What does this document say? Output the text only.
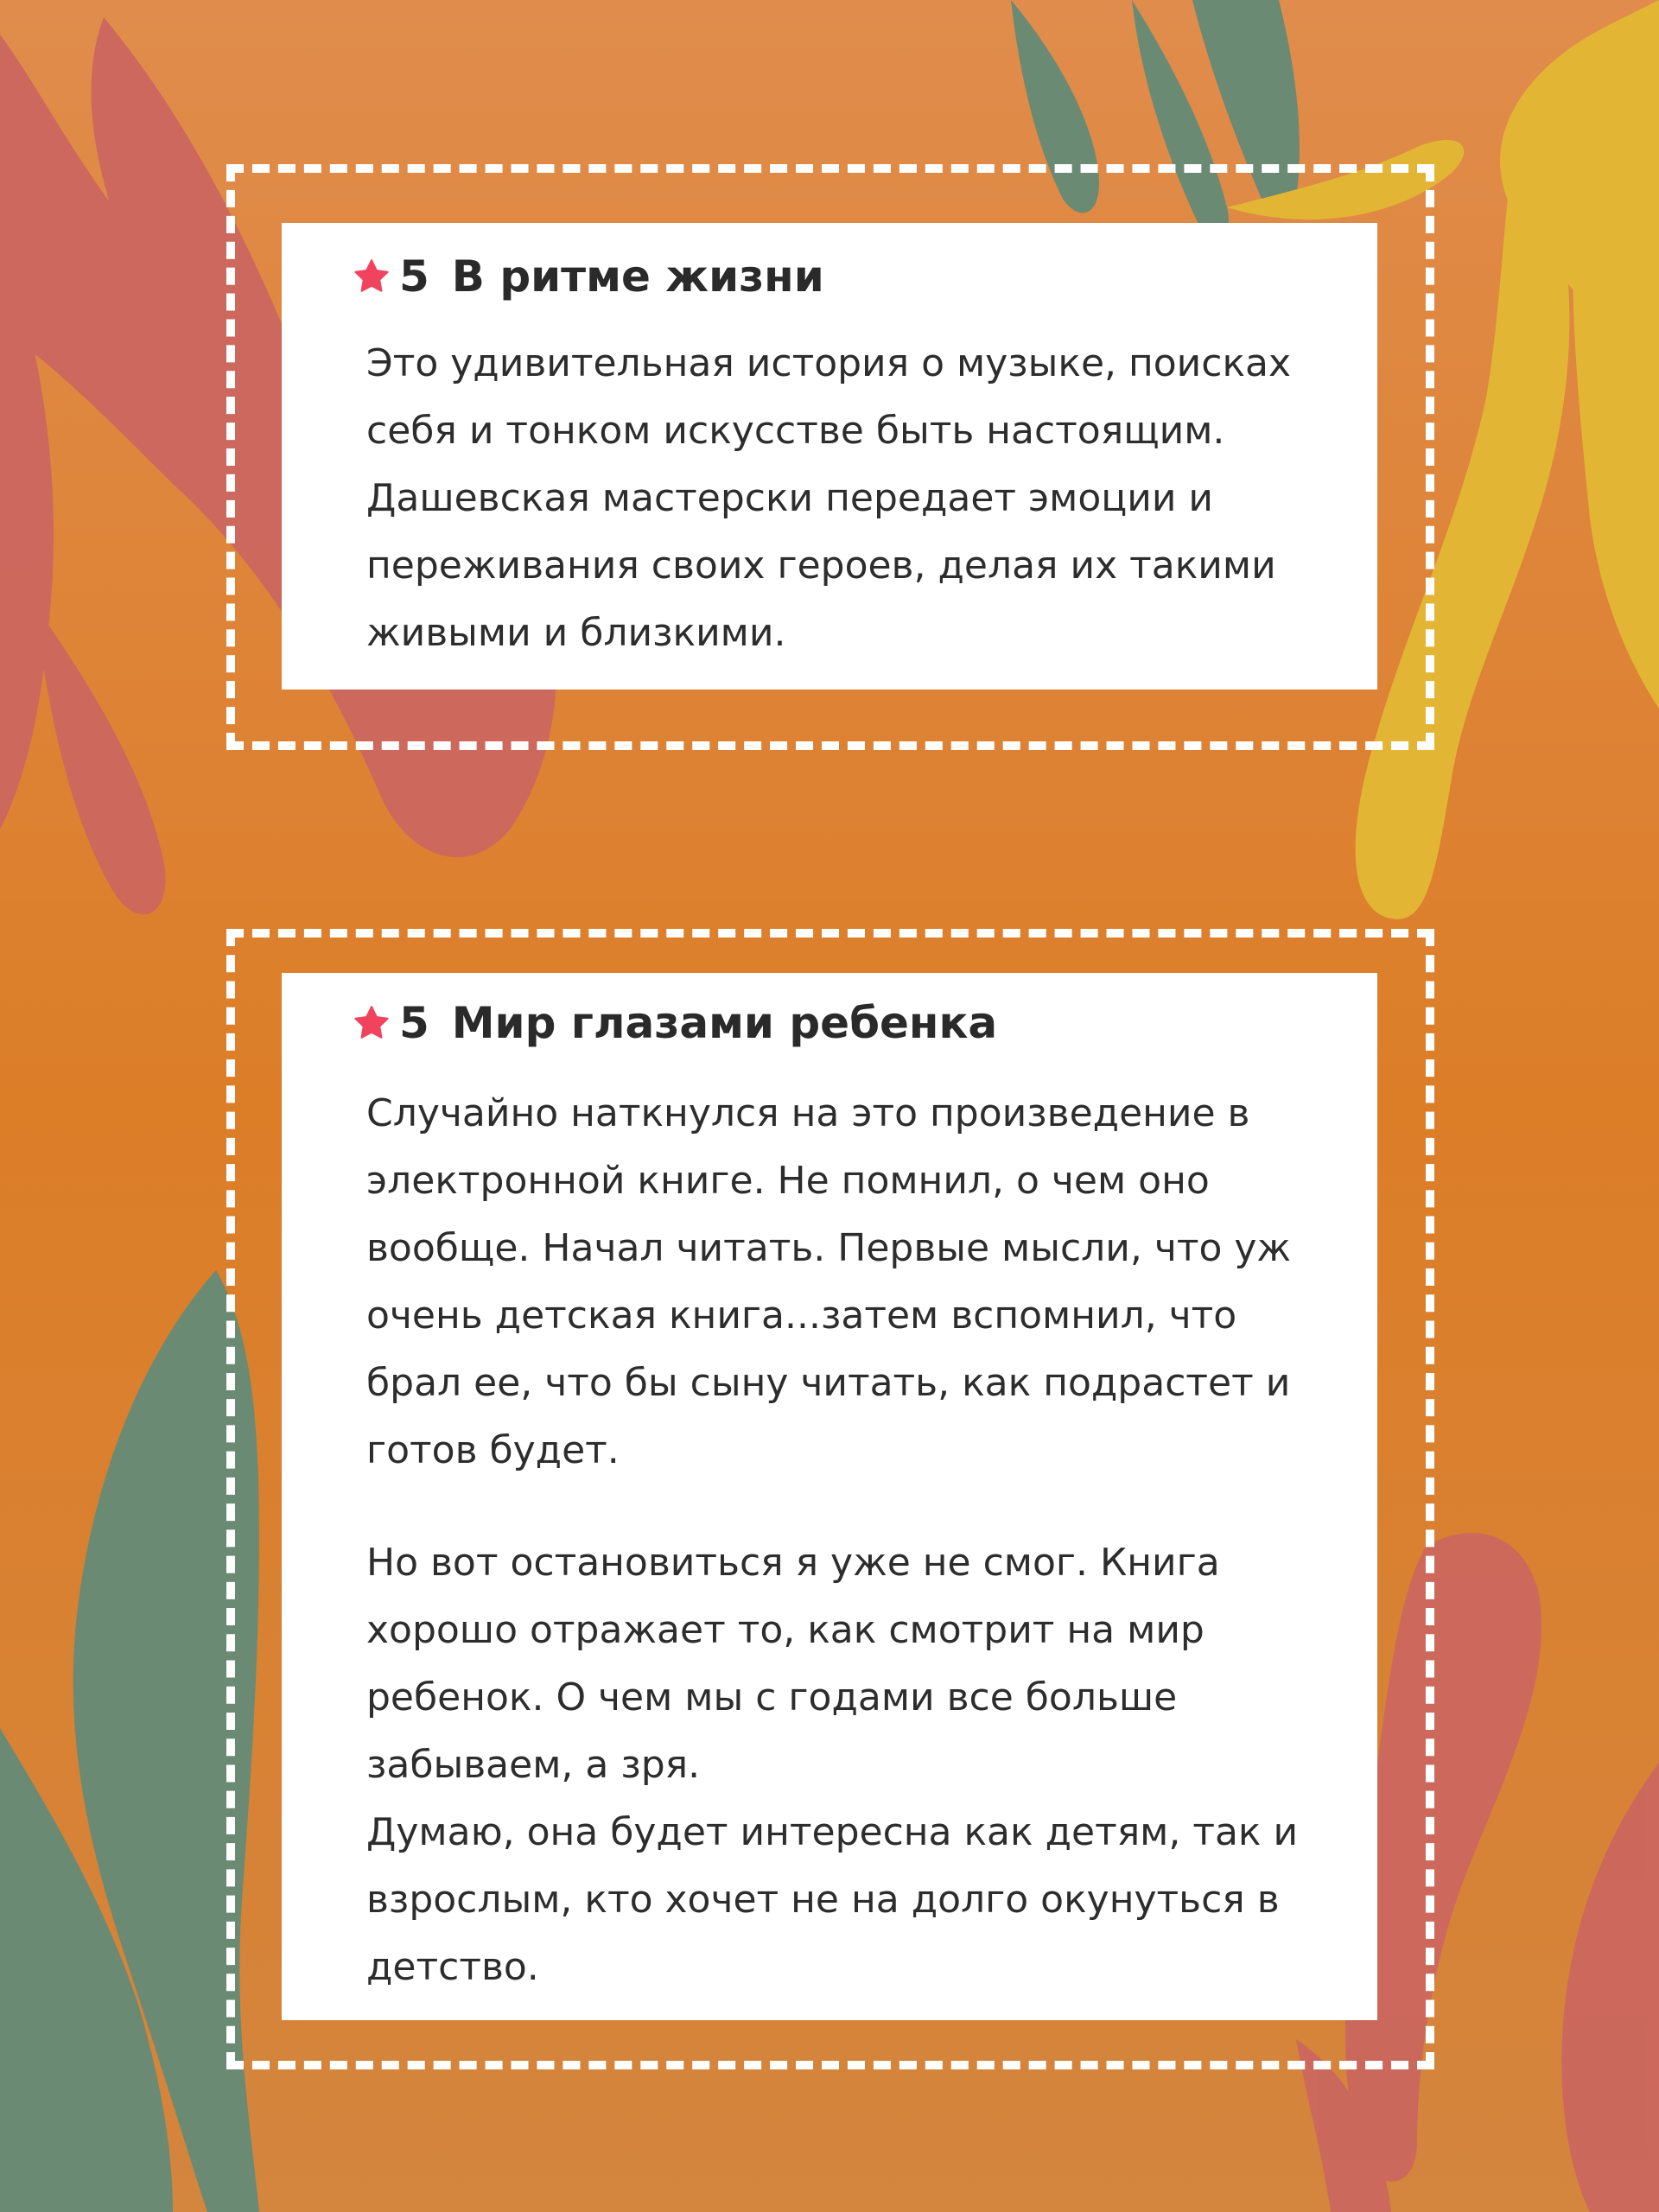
5 В ритме жизни

Это удивительная история о музыке, поисках
себя и тонком искусстве быть настоящим.
Дашевская мастерски передает эмоции и
переживания своих героев, делая их такими
живыми и близкими.

5 Мир глазами ребенка

Случайно наткнулся на это произведение в
электронной книге. Не помнил, о чем оно
вообще. Начал читать. Первые мысли, что уж
очень детская книга...затем вспомнил, что
брал ее, что бы сыну читать, как подрастет и
готов будет.

Но вот остановиться я уже не смог. Книга
хорошо отражает то, как смотрит на мир
ребенок. О чем мы с годами все больше
забываем, а зря.
Думаю, она будет интересна как детям, так и
взрослым, кто хочет не на долго окунуться в
детство.
